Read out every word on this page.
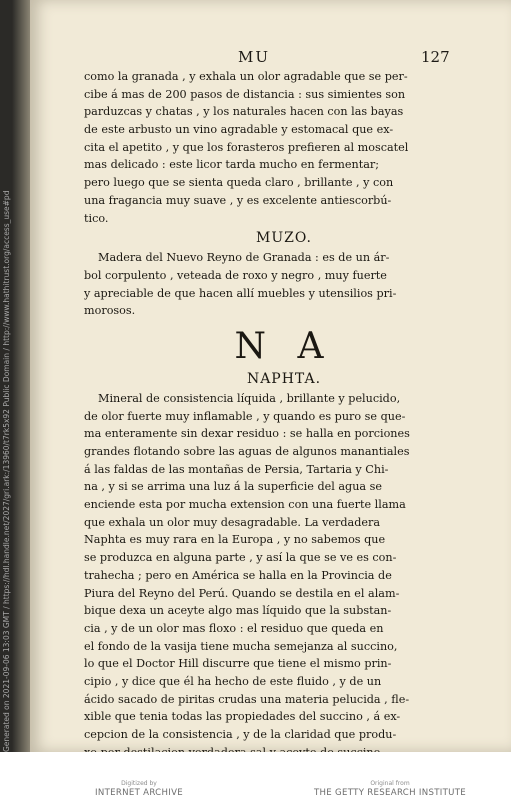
Generated on 2021-09-06 13:03 GMT / https://hdl.handle.net/2027/gri.ark:/13960/t7rk5x92 Public Domain / http://www.hathitrust.org/access_use#pd
MU	127
como la granada , y exhala un olor agradable que se per-
cibe á mas de 200 pasos de distancia : sus simientes son
parduzcas y chatas , y los naturales hacen con las bayas
de este arbusto un vino agradable y estomacal que ex-
cita el apetito , y que los forasteros prefieren al moscatel
mas delicado : este licor tarda mucho en fermentar;
pero luego que se sienta queda claro , brillante , y con
una fragancia muy suave , y es excelente antiescorbú-
tico.
MUZO.
Madera del Nuevo Reyno de Granada : es de un ár-
bol corpulento , veteada de roxo y negro , muy fuerte
y apreciable de que hacen allí muebles y utensilios pri-
morosos.
N A
NAPHTA.
Mineral de consistencia líquida , brillante y pelucido,
de olor fuerte muy inflamable , y quando es puro se que-
ma enteramente sin dexar residuo : se halla en porciones
grandes flotando sobre las aguas de algunos manantiales
á las faldas de las montañas de Persia, Tartaria y Chi-
na , y si se arrima una luz á la superficie del agua se
enciende esta por mucha extension con una fuerte llama
que exhala un olor muy desagradable. La verdadera
Naphta es muy rara en la Europa , y no sabemos que
se produzca en alguna parte , y así la que se ve es con-
trahecha ; pero en América se halla en la Provincia de
Piura del Reyno del Perú. Quando se destila en el alam-
bique dexa un aceyte algo mas líquido que la substan-
cia , y de un olor mas floxo : el residuo que queda en
el fondo de la vasija tiene mucha semejanza al succino,
lo que el Doctor Hill discurre que tiene el mismo prin-
cipio , y dice que él ha hecho de este fluido , y de un
ácido sacado de piritas crudas una materia pelucida , fle-
xible que tenia todas las propiedades del succino , á ex-
cepcion de la consistencia , y de la claridad que produ-
Digitized by
INTERNET ARCHIVE
Original from
THE GETTY RESEARCH INSTITUTE
